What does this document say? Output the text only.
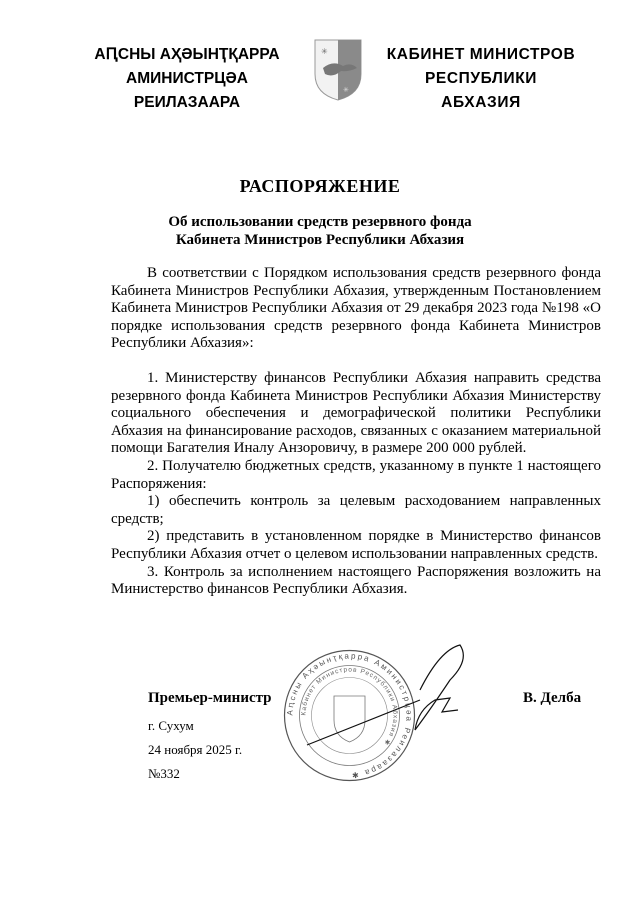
АԤСНЫ АҲӘЫНҬҚАРРА
АМИНИСТРЦӘА РЕИЛАЗААРА
✳
✳
КАБИНЕТ МИНИСТРОВ
РЕСПУБЛИКИ АБХАЗИЯ
РАСПОРЯЖЕНИЕ
Об использовании средств резервного фонда
Кабинета Министров Республики Абхазия

В соответствии с Порядком использования средств резервного фонда Кабинета Министров Республики Абхазия, утвержденным Постановлением Кабинета Министров Республики Абхазия от 29 декабря 2023 года №198 «О порядке использования средств резервного фонда Кабинета Министров Республики Абхазия»:

1. Министерству финансов Республики Абхазия направить средства резервного фонда Кабинета Министров Республики Абхазия Министерству социального обеспечения и демографической политики Республики Абхазия на финансирование расходов, связанных с оказанием материальной помощи Багателия Иналу Анзоровичу, в размере 200 000 рублей.

2. Получателю бюджетных средств, указанному в пункте 1 настоящего Распоряжения:

1) обеспечить контроль за целевым расходованием направленных средств;

2) представить в установленном порядке в Министерство финансов Республики Абхазия отчет о целевом использовании направленных средств.

3. Контроль за исполнением настоящего Распоряжения возложить на Министерство финансов Республики Абхазия.

Аԥсны Аҳәынҭқарра Аминистрцәа Реилазаара ✱
Кабинет Министров Республики Абхазия ✱
Премьер-министр	В. Делба
г. Сухум
24 ноября 2025 г.
№332
